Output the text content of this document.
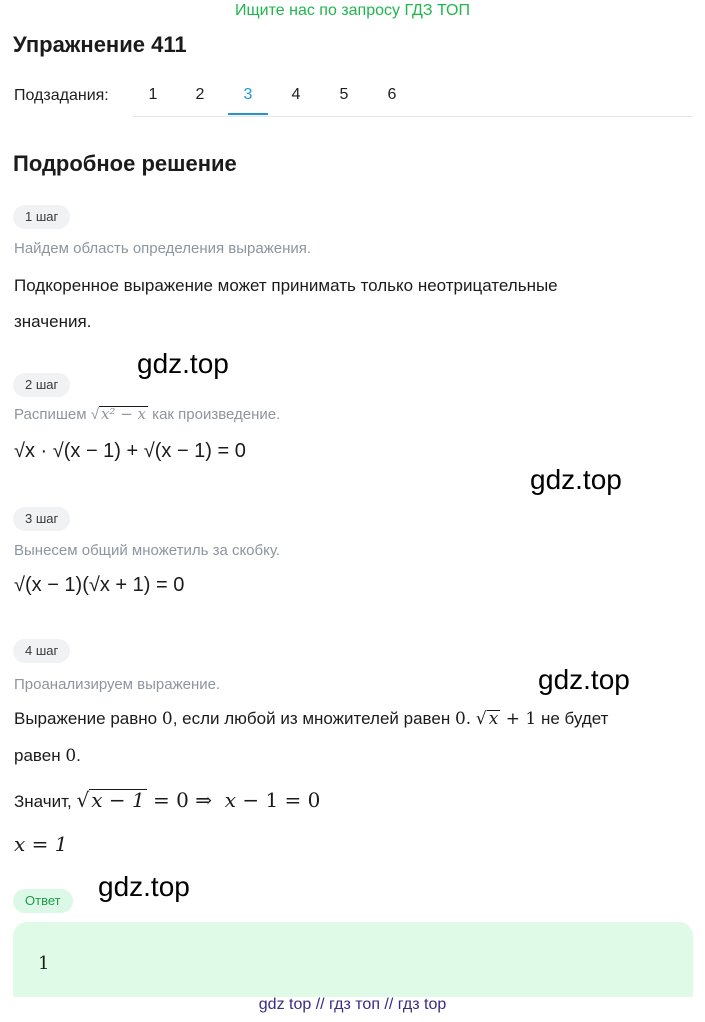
Ищите нас по запросу ГДЗ ТОП
Упражнение 411
Подзадания:	1	2	3	4	5	6
Подробное решение
1 шаг
Найдем область определения выражения.
Подкоренное выражение может принимать только неотрицательные значения.
gdz.top
2 шаг
Распишем √ x² − x как произведение.
√x · √(x − 1) + √(x − 1) = 0
gdz.top
3 шаг
Вынесем общий множетиль за скобку.
√(x − 1)(√x + 1) = 0
4 шаг
Проанализируем выражение.	gdz.top
Выражение равно 0, если любой из множителей равен 0. √ x + 1 не будет
равен 0.
Значит, √ x − 1 = 0 ⇒  x − 1 = 0
x = 1
gdz.top
Ответ
1
gdz top // гдз топ // гдз top
